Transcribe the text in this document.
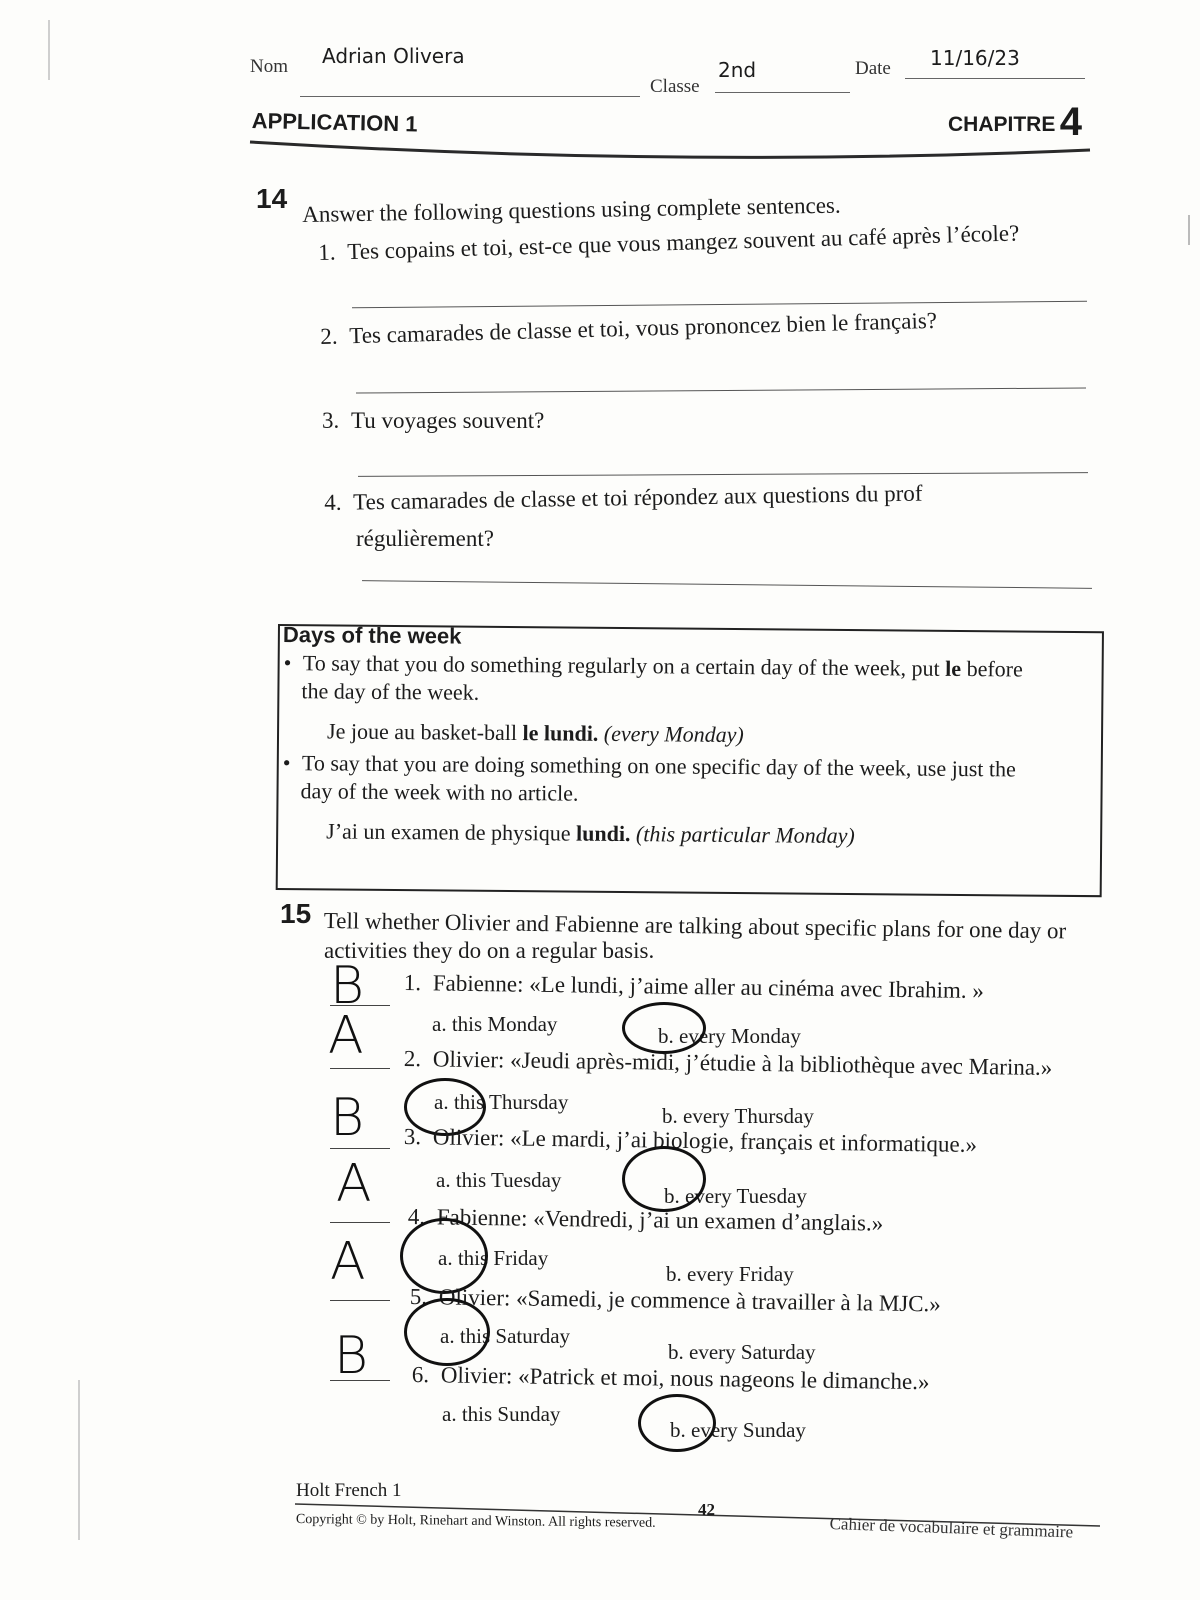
Nom Adrian Olivera
Classe
2nd	Date 11/16/23
APPLICATION 1	CHAPITRE 4
14 Answer the following questions using complete sentences.
1. Tes copains et toi, est-ce que vous mangez souvent au café après l’école?
2. Tes camarades de classe et toi, vous prononcez bien le français?
3. Tu voyages souvent?
4. Tes camarades de classe et toi répondez aux questions du prof
régulièrement?
Days of the week
• To say that you do something regularly on a certain day of the week, put le before
the day of the week.
Je joue au basket-ball le lundi. (every Monday)
• To say that you are doing something on one specific day of the week, use just the
day of the week with no article.
J’ai un examen de physique lundi. (this particular Monday)
15 Tell whether Olivier and Fabienne are talking about specific plans for one day or
activities they do on a regular basis.
B 1. Fabienne: «Le lundi, j’aime aller au cinéma avec Ibrahim. »
a. this Monday	b. every Monday
A 2. Olivier: «Jeudi après-midi, j’étudie à la bibliothèque avec Marina.»
a. this Thursday
b. every Thursday
B 3. Olivier: «Le mardi, j’ai biologie, français et informatique.»
a. this Tuesday
b. every Tuesday
A
4. Fabienne: «Vendredi, j’ai un examen d’anglais.»
a. this Friday
b. every Friday
A
5. Olivier: «Samedi, je commence à travailler à la MJC.»
a. this Saturday
b. every Saturday
B 6. Olivier: «Patrick et moi, nous nageons le dimanche.»
a. this Sunday
b. every Sunday
Holt French 1
42
Copyright © by Holt, Rinehart and Winston. All rights reserved.	Cahier de vocabulaire et grammaire
